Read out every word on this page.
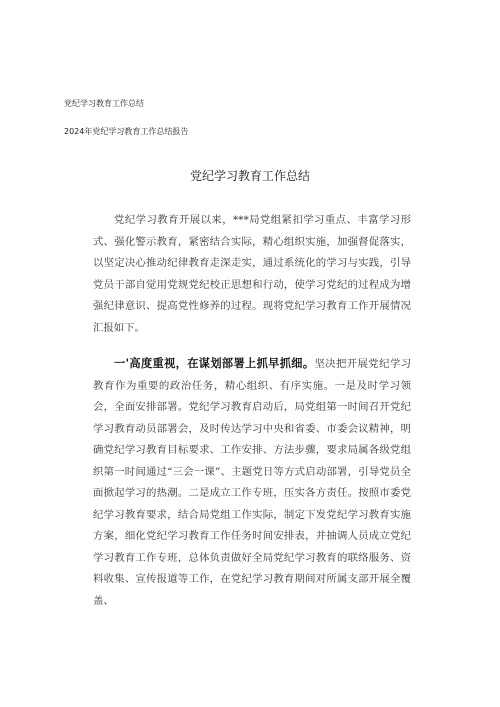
党纪学习教育工作总结
2024年党纪学习教育工作总结报告
党纪学习教育工作总结

党纪学习教育开展以来，***局党组紧扣学习重点、丰富学习形式、强化警示教育，紧密结合实际，精心组织实施，加强督促落实，以坚定决心推动纪律教育走深走实，通过系统化的学习与实践，引导党员干部自觉用党规党纪校正思想和行动，使学习党纪的过程成为增强纪律意识、提高党性修养的过程。现将党纪学习教育工作开展情况汇报如下。

一'高度重视，在谋划部署上抓早抓细。坚决把开展党纪学习教育作为重要的政治任务，精心组织、有序实施。一是及时学习领会，全面安排部署。党纪学习教育启动后，局党组第一时间召开党纪学习教育动员部署会，及时传达学习中央和省委、市委会议精神，明确党纪学习教育目标要求、工作安排、方法步骤，要求局属各级党组织第一时间通过“三会一课”、主题党日等方式启动部署，引导党员全面掀起学习的热潮。二是成立工作专班，压实各方责任。按照市委党纪学习教育要求，结合局党组工作实际，制定下发党纪学习教育实施方案，细化党纪学习教育工作任务时间安排表，并抽调人员成立党纪学习教育工作专班，总体负责做好全局党纪学习教育的联络服务、资料收集、宣传报道等工作，在党纪学习教育期间对所属支部开展全覆盖、
